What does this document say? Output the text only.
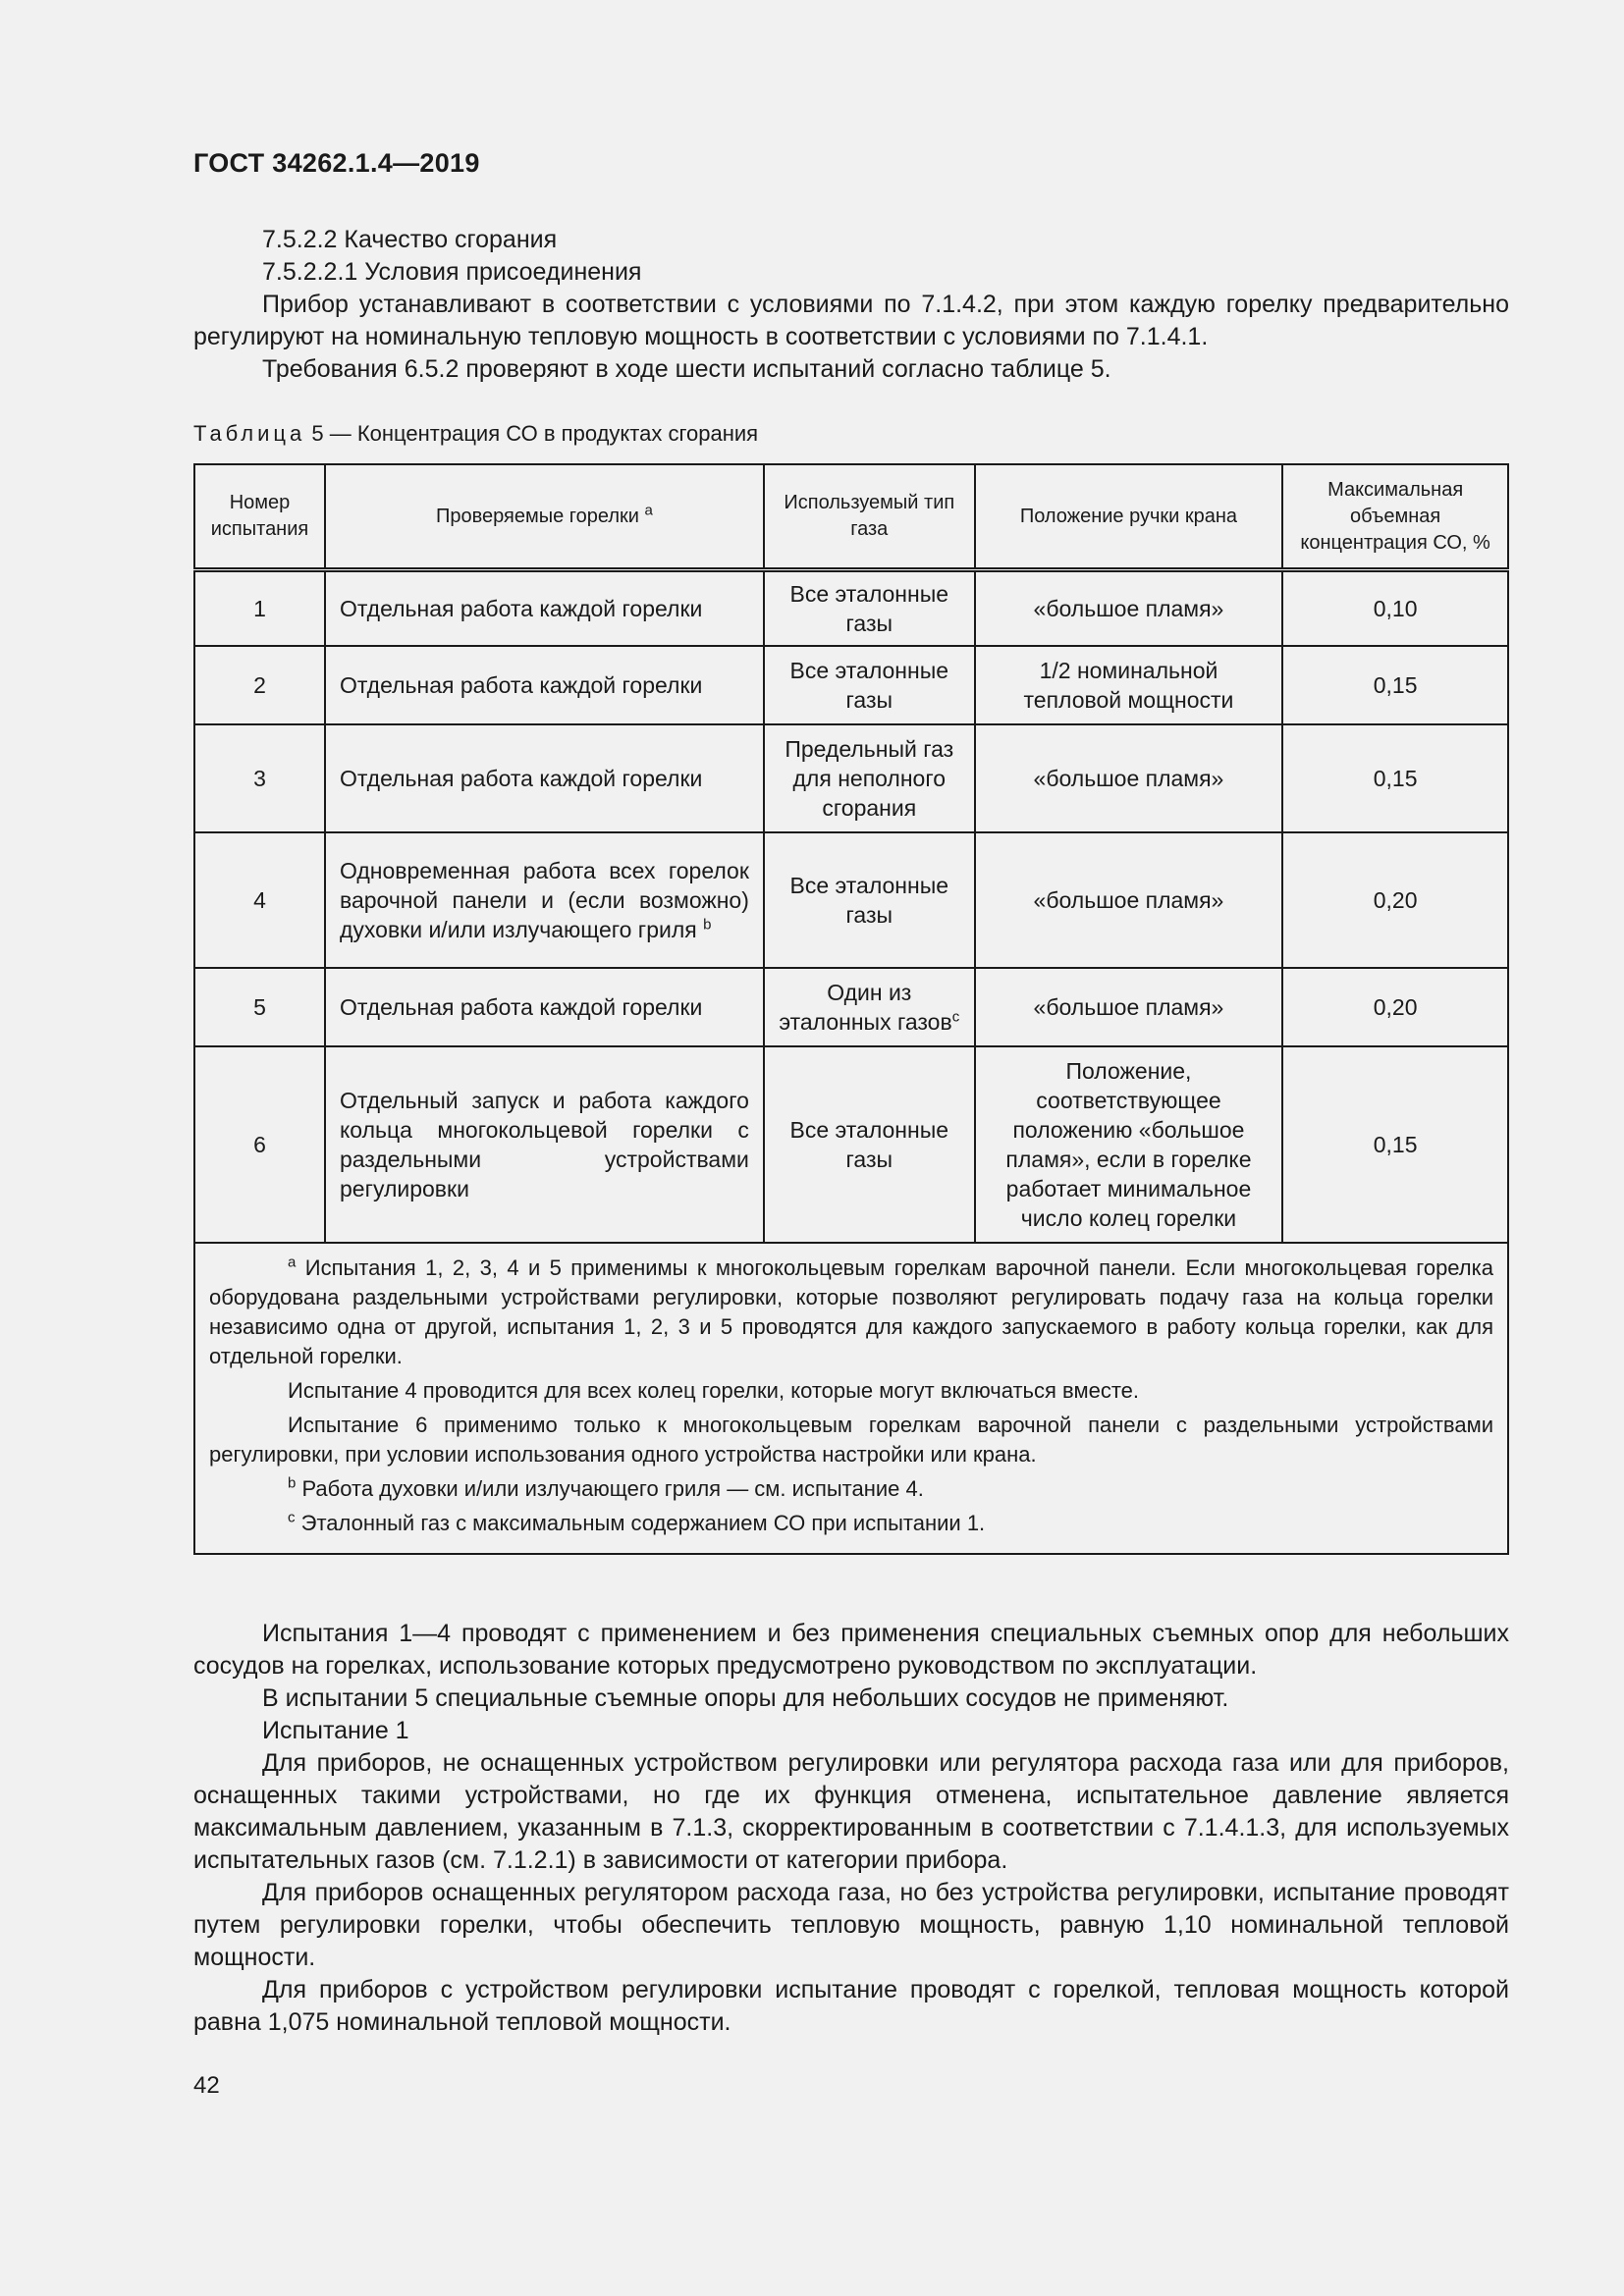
ГОСТ 34262.1.4—2019

7.5.2.2 Качество сгорания

7.5.2.2.1 Условия присоединения

Прибор устанавливают в соответствии с условиями по 7.1.4.2, при этом каждую горелку предварительно регулируют на номинальную тепловую мощность в соответствии с условиями по 7.1.4.1.

Требования 6.5.2 проверяют в ходе шести испытаний согласно таблице 5.

Таблица 5 — Концентрация СО в продуктах сгорания
Номер испытания	Проверяемые горелки $^a$	Используемый тип газа	Положение ручки крана	Максимальная объемная концентрация СО, %
1	Отдельная работа каждой горелки	Все эталонные газы	«большое пламя»	0,10
2	Отдельная работа каждой горелки	Все эталонные газы	1/2 номинальной тепловой мощности	0,15
3	Отдельная работа каждой горелки	Предельный газ для неполного сгорания	«большое пламя»	0,15
4	Одновременная работа всех горелок варочной панели и (если возможно) духовки и/или излучающего гриля $^b$	Все эталонные газы	«большое пламя»	0,20
5	Отдельная работа каждой горелки	Один из эталонных газов$^c$	«большое пламя»	0,20
6	Отдельный запуск и работа каждого кольца многокольцевой горелки с раздельными устройствами регулировки	Все эталонные газы	Положение, соответствующее положению «большое пламя», если в горелке работает минимальное число колец горелки	0,15

$^a$ Испытания 1, 2, 3, 4 и 5 применимы к многокольцевым горелкам варочной панели. Если многокольцевая горелка оборудована раздельными устройствами регулировки, которые позволяют регулировать подачу газа на кольца горелки независимо одна от другой, испытания 1, 2, 3 и 5 проводятся для каждого запускаемого в работу кольца горелки, как для отдельной горелки.

Испытание 4 проводится для всех колец горелки, которые могут включаться вместе.

Испытание 6 применимо только к многокольцевым горелкам варочной панели с раздельными устройствами регулировки, при условии использования одного устройства настройки или крана.

$^b$ Работа духовки и/или излучающего гриля — см. испытание 4.

$^c$ Эталонный газ с максимальным содержанием СО при испытании 1.				

Испытания 1—4 проводят с применением и без применения специальных съемных опор для небольших сосудов на горелках, использование которых предусмотрено руководством по эксплуатации.

В испытании 5 специальные съемные опоры для небольших сосудов не применяют.

Испытание 1

Для приборов, не оснащенных устройством регулировки или регулятора расхода газа или для приборов, оснащенных такими устройствами, но где их функция отменена, испытательное давление является максимальным давлением, указанным в 7.1.3, скорректированным в соответствии с 7.1.4.1.3, для используемых испытательных газов (см. 7.1.2.1) в зависимости от категории прибора.

Для приборов оснащенных регулятором расхода газа, но без устройства регулировки, испытание проводят путем регулировки горелки, чтобы обеспечить тепловую мощность, равную 1,10 номинальной тепловой мощности.

Для приборов с устройством регулировки испытание проводят с горелкой, тепловая мощность которой равна 1,075 номинальной тепловой мощности.

42
